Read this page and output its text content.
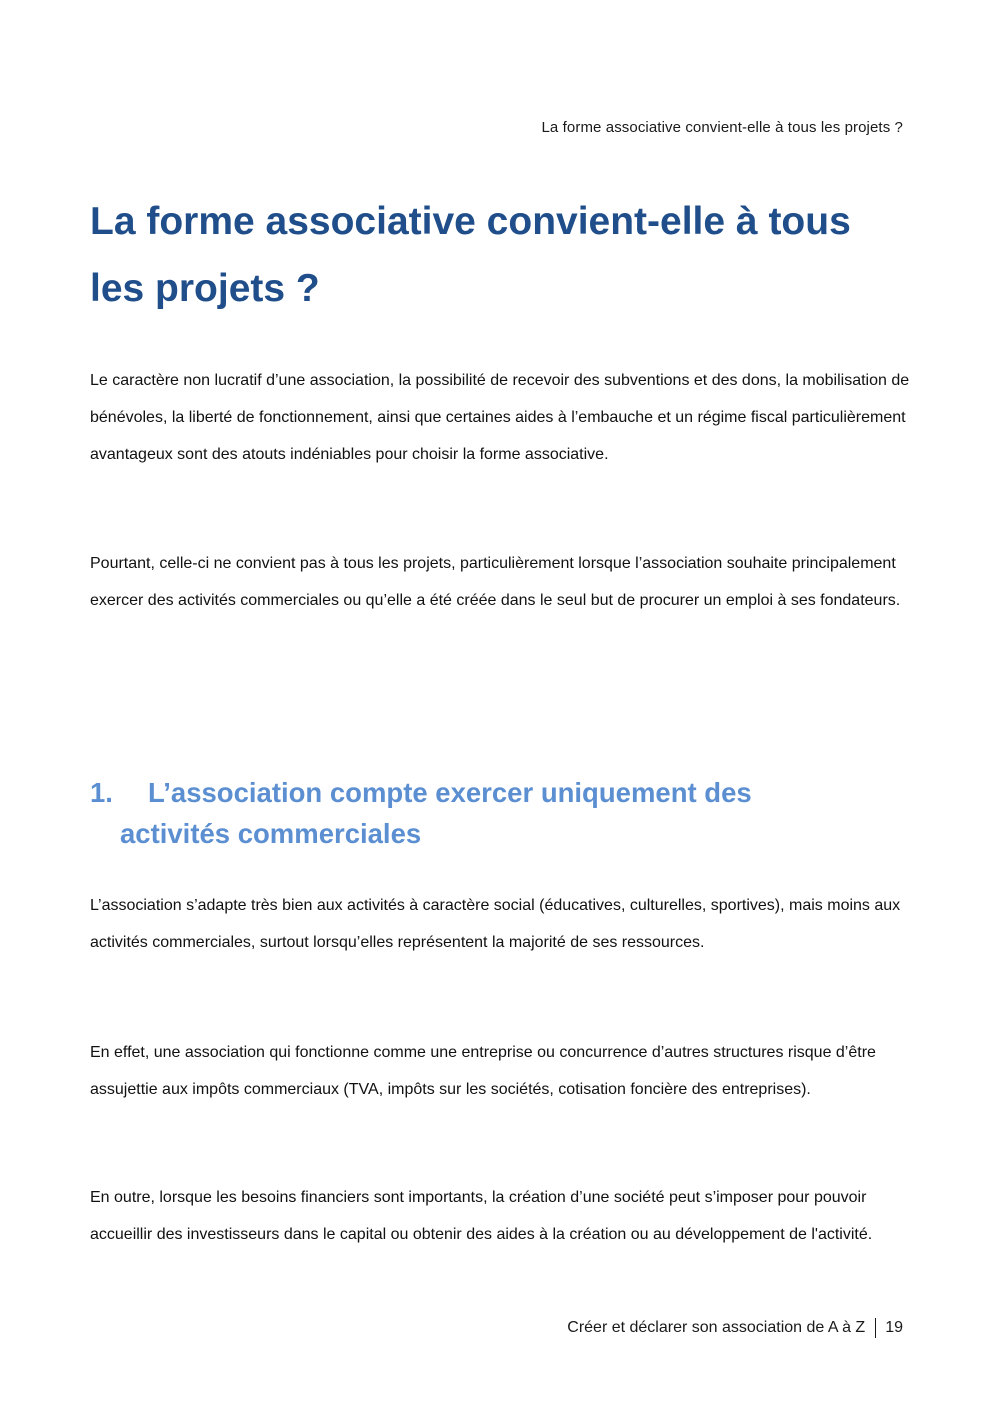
La forme associative convient-elle à tous les projets ?
La forme associative convient-elle à tous les projets ?

Le caractère non lucratif d’une association, la possibilité de recevoir des subventions et des dons, la mobilisation de bénévoles, la liberté de fonctionnement, ainsi que certaines aides à l’embauche et un régime fiscal particulièrement avantageux sont des atouts indéniables pour choisir la forme associative.

Pourtant, celle-ci ne convient pas à tous les projets, particulièrement lorsque l’association souhaite principalement exercer des activités commerciales ou qu’elle a été créée dans le seul but de procurer un emploi à ses fondateurs.

1. L’association compte exercer uniquement des
activités commerciales

L’association s’adapte très bien aux activités à caractère social (éducatives, culturelles, sportives), mais moins aux activités commerciales, surtout lorsqu’elles représentent la majorité de ses ressources.

En effet, une association qui fonctionne comme une entreprise ou concurrence d’autres structures risque d’être assujettie aux impôts commerciaux (TVA, impôts sur les sociétés, cotisation foncière des entreprises).

En outre, lorsque les besoins financiers sont importants, la création d’une société peut s’imposer pour pouvoir accueillir des investisseurs dans le capital ou obtenir des aides à la création ou au développement de l'activité.

Créer et déclarer son association de A à Z 19
